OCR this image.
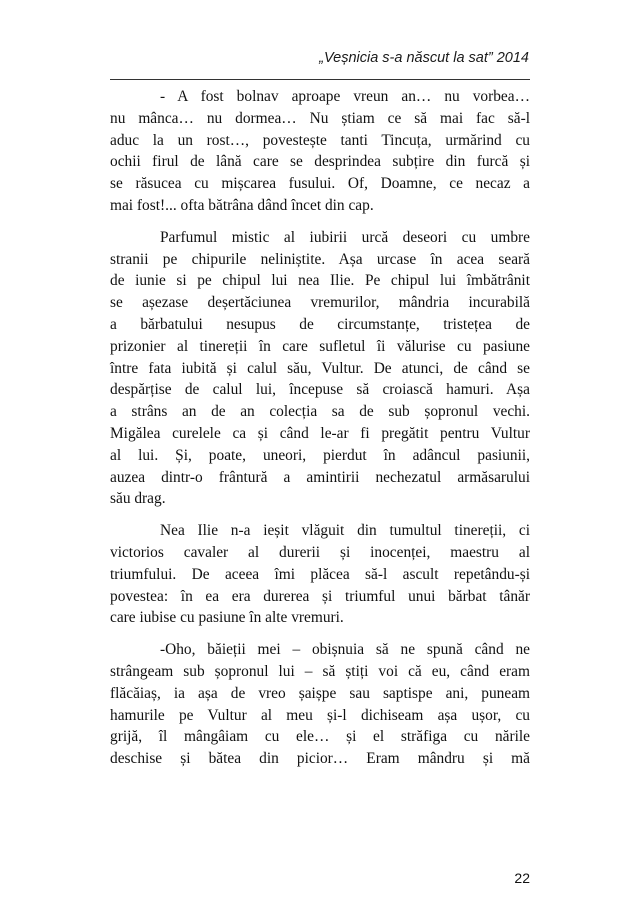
„Veșnicia s-a născut la sat” 2014

- A fost bolnav aproape vreun an… nu vorbea…
nu mânca… nu dormea… Nu știam ce să mai fac să-l
aduc la un rost…, povestește tanti Tincuța, urmărind cu
ochii firul de lână care se desprindea subțire din furcă și
se răsucea cu mișcarea fusului. Of, Doamne, ce necaz a
mai fost!... ofta bătrâna dând încet din cap.

Parfumul mistic al iubirii urcă deseori cu umbre
stranii pe chipurile neliniștite. Așa urcase în acea seară
de iunie si pe chipul lui nea Ilie. Pe chipul lui îmbătrânit
se așezase deșertăciunea vremurilor, mândria incurabilă
a bărbatului nesupus de circumstanțe, tristețea de
prizonier al tinereții în care sufletul îi vălurise cu pasiune
între fata iubită și calul său, Vultur. De atunci, de când se
despărțise de calul lui, începuse să croiască hamuri. Așa
a strâns an de an colecția sa de sub șopronul vechi.
Migălea curelele ca și când le-ar fi pregătit pentru Vultur
al lui. Și, poate, uneori, pierdut în adâncul pasiunii,
auzea dintr-o frântură a amintirii nechezatul armăsarului
său drag.

Nea Ilie n-a ieșit vlăguit din tumultul tinereții, ci
victorios cavaler al durerii și inocenței, maestru al
triumfului. De aceea îmi plăcea să-l ascult repetându-și
povestea: în ea era durerea și triumful unui bărbat tânăr
care iubise cu pasiune în alte vremuri.

-Oho, băieții mei – obișnuia să ne spună când ne
strângeam sub șopronul lui – să știți voi că eu, când eram
flăcăiaș, ia așa de vreo șaișpe sau saptispe ani, puneam
hamurile pe Vultur al meu și-l dichiseam așa ușor, cu
grijă, îl mângâiam cu ele… și el străfiga cu nările
deschise și bătea din picior… Eram mândru și mă

22
